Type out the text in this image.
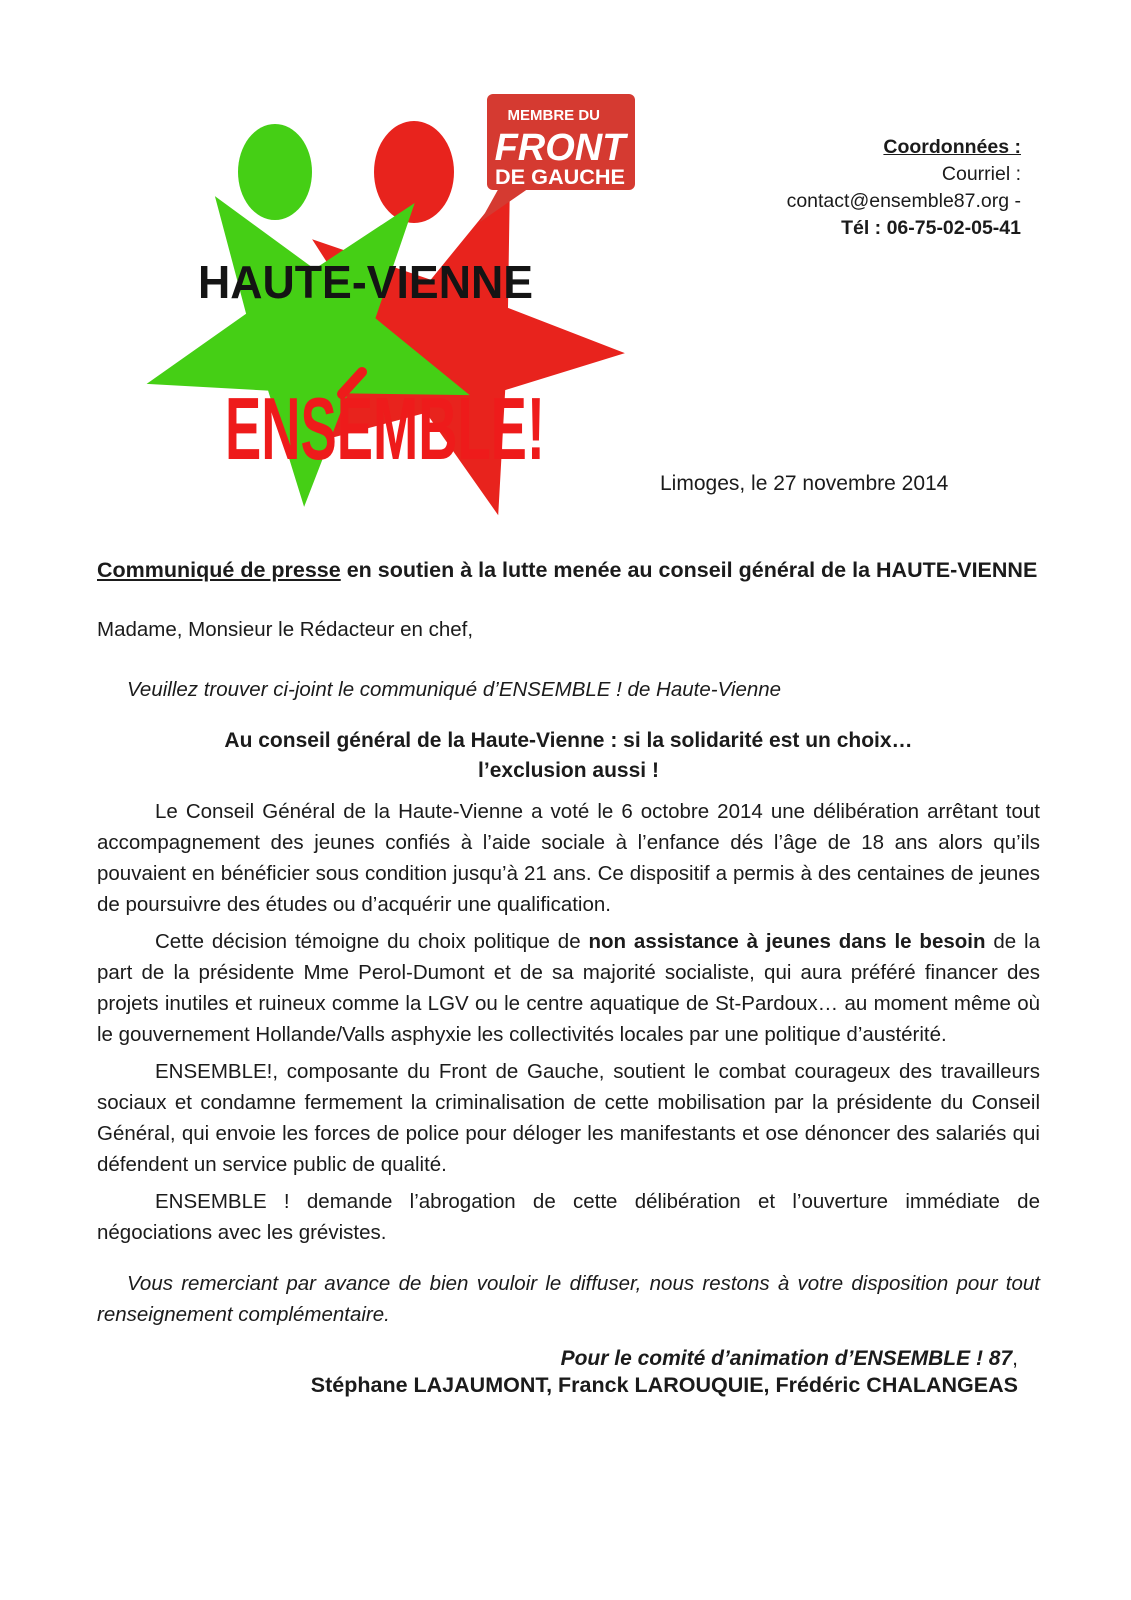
Coordonnées :
Courriel :
contact@ensemble87.org -
Tél : 06-75-02-05-41
MEMBRE DU
FRONT
DE GAUCHE
HAUTE-VIENNE
ENSEMBLE!
Limoges, le 27 novembre 2014

Communiqué de presse en soutien à la lutte menée au conseil général de la HAUTE-VIENNE

Madame, Monsieur le Rédacteur en chef,

Veuillez trouver ci-joint le communiqué d’ENSEMBLE ! de Haute-Vienne

Au conseil général de la Haute-Vienne : si la solidarité est un choix…
l’exclusion aussi !

Le Conseil Général de la Haute-Vienne a voté le 6 octobre 2014 une délibération arrêtant tout accompagnement des jeunes confiés à l’aide sociale à l’enfance dés l’âge de 18 ans alors qu’ils pouvaient en bénéficier sous condition jusqu’à 21 ans. Ce dispositif a permis à des centaines de jeunes de poursuivre des études ou d’acquérir une qualification.

Cette décision témoigne du choix politique de non assistance à jeunes dans le besoin de la part de la présidente Mme Perol-Dumont et de sa majorité socialiste, qui aura préféré financer des projets inutiles et ruineux comme la LGV ou le centre aquatique de St-Pardoux… au moment même où le gouvernement Hollande/Valls asphyxie les collectivités locales par une politique d’austérité.

ENSEMBLE!, composante du Front de Gauche, soutient le combat courageux des travailleurs sociaux et condamne fermement la criminalisation de cette mobilisation par la présidente du Conseil Général, qui envoie les forces de police pour déloger les manifestants et ose dénoncer des salariés qui défendent un service public de qualité.

ENSEMBLE ! demande l’abrogation de cette délibération et l’ouverture immédiate de négociations avec les grévistes.

Vous remerciant par avance de bien vouloir le diffuser, nous restons à votre disposition pour tout renseignement complémentaire.

Pour le comité d’animation d’ENSEMBLE ! 87,
Stéphane LAJAUMONT, Franck LAROUQUIE, Frédéric CHALANGEAS
